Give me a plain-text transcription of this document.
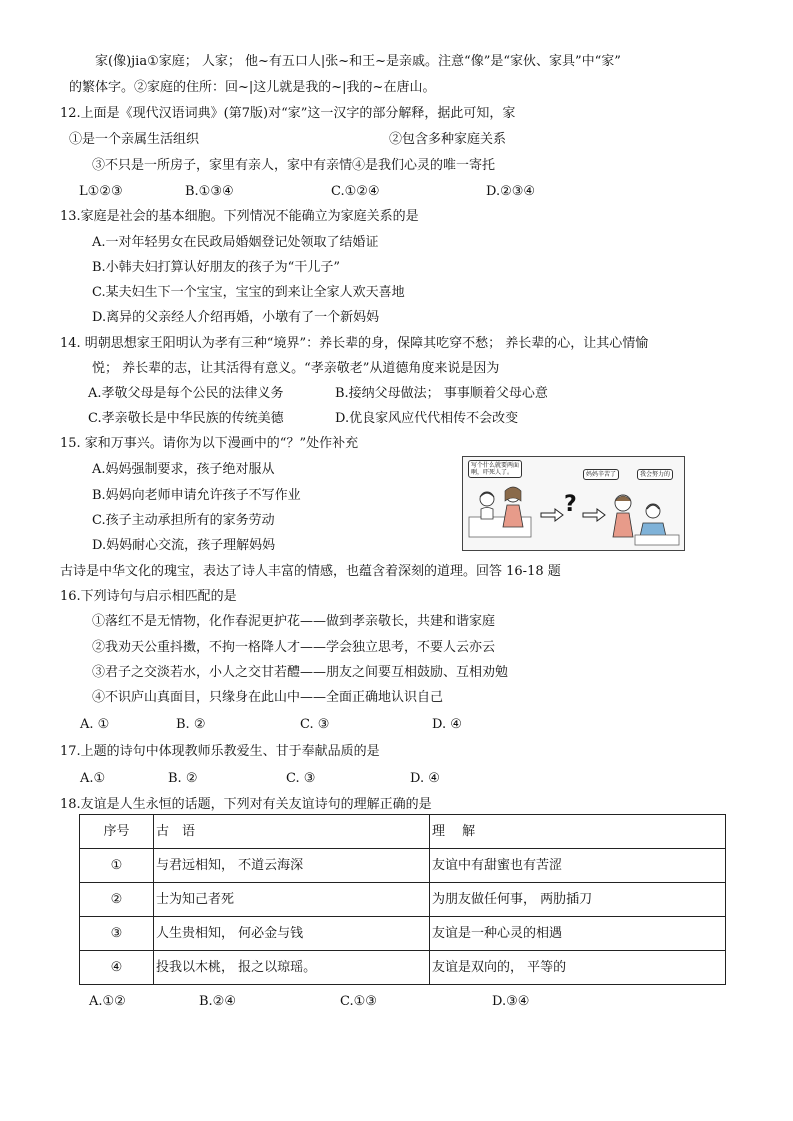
家(像)jia①家庭； 人家； 他~有五口人|张~和王~是亲戚。注意“像”是“家伙、家具”中“家”
的繁体字。②家庭的住所：回~|这儿就是我的~|我的~在唐山。
12.上面是《现代汉语词典》(第7版)对“家”这一汉字的部分解释，据此可知，家
①是一个亲属生活组织	②包含多种家庭关系
③不只是一所房子，家里有亲人，家中有亲情④是我们心灵的唯一寄托
L①②③	B.①③④	C.①②④	D.②③④
13.家庭是社会的基本细胞。下列情况不能确立为家庭关系的是
A.一对年轻男女在民政局婚姻登记处领取了结婚证
B.小韩夫妇打算认好朋友的孩子为“干儿子”
C.某夫妇生下一个宝宝，宝宝的到来让全家人欢天喜地
D.离异的父亲经人介绍再婚，小墩有了一个新妈妈
14. 明朝思想家王阳明认为孝有三种“境界”：养长辈的身，保障其吃穿不愁； 养长辈的心，让其心情愉
悦； 养长辈的志，让其活得有意义。“孝亲敬老”从道德角度来说是因为
A.孝敬父母是每个公民的法律义务	B.接纳父母做法； 事事顺着父母心意
C.孝亲敬长是中华民族的传统美德	D.优良家风应代代相传不会改变
15. 家和万事兴。请你为以下漫画中的“？”处作补充
A.妈妈强制要求，孩子绝对服从
B.妈妈向老师申请允许孩子不写作业
C.孩子主动承担所有的家务劳动
D.妈妈耐心交流，孩子理解妈妈
写个什么就要两面
啊，吓死人了。
?
妈妈辛苦了	我会努力的
古诗是中华文化的瑰宝，表达了诗人丰富的情感，也蕴含着深刻的道理。回答 16-18 题
16.下列诗句与启示相匹配的是
①落红不是无情物，化作春泥更护花——做到孝亲敬长，共建和谐家庭
②我劝天公重抖擞，不拘一格降人才——学会独立思考，不要人云亦云
③君子之交淡若水，小人之交甘若醴——朋友之间要互相鼓励、互相劝勉
④不识庐山真面目，只缘身在此山中——全面正确地认识自己
A. ①	B. ②	C. ③	D. ④
17.上题的诗句中体现教师乐教爱生、甘于奉献品质的是
A.①	B. ②	C. ③	D. ④
18.友谊是人生永恒的话题，下列对有关友谊诗句的理解正确的是
序号	古　语	理　 解
①	与君远相知， 不道云海深	友谊中有甜蜜也有苦涩
②	士为知己者死	为朋友做任何事， 两肋插刀
③	人生贵相知， 何必金与钱	友谊是一种心灵的相遇
④	投我以木桃， 报之以琼瑶。	友谊是双向的， 平等的
A.①②	B.②④	C.①③	D.③④
